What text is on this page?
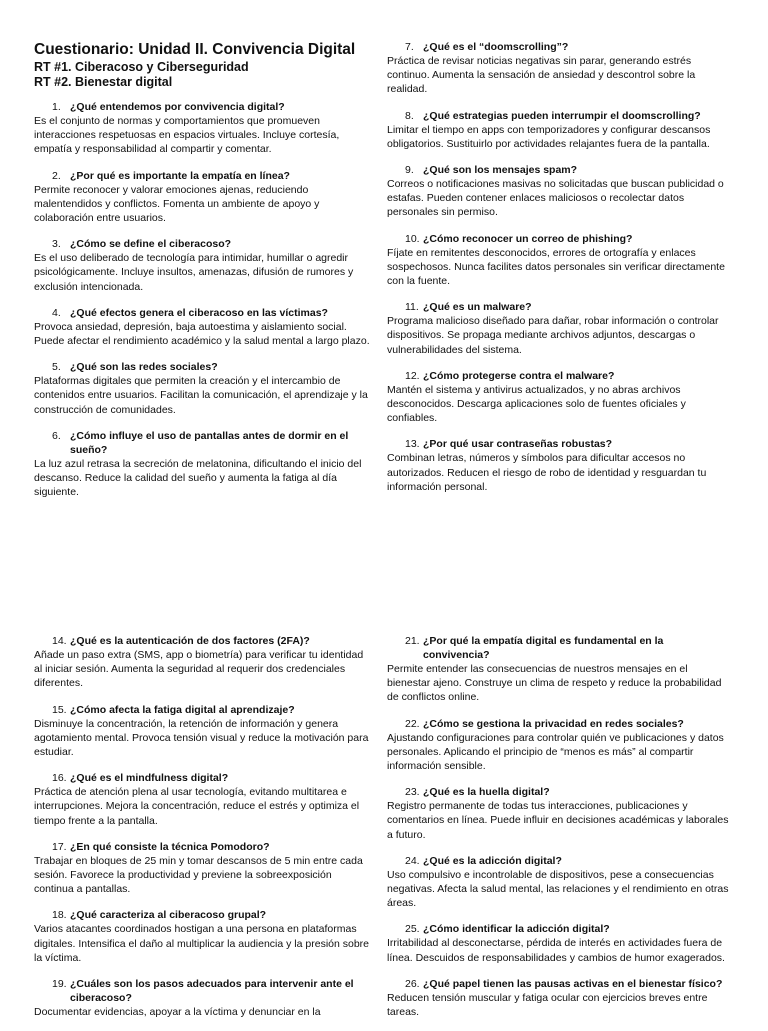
Cuestionario: Unidad II. Convivencia Digital
RT #1. Ciberacoso y Ciberseguridad
RT #2. Bienestar digital
1. ¿Qué entendemos por convivencia digital?

Es el conjunto de normas y comportamientos que promueven interacciones respetuosas en espacios virtuales. Incluye cortesía, empatía y responsabilidad al compartir y comentar.

2. ¿Por qué es importante la empatía en línea?

Permite reconocer y valorar emociones ajenas, reduciendo malentendidos y conflictos. Fomenta un ambiente de apoyo y colaboración entre usuarios.

3. ¿Cómo se define el ciberacoso?

Es el uso deliberado de tecnología para intimidar, humillar o agredir psicológicamente. Incluye insultos, amenazas, difusión de rumores y exclusión intencionada.

4. ¿Qué efectos genera el ciberacoso en las víctimas?

Provoca ansiedad, depresión, baja autoestima y aislamiento social. Puede afectar el rendimiento académico y la salud mental a largo plazo.

5. ¿Qué son las redes sociales?

Plataformas digitales que permiten la creación y el intercambio de contenidos entre usuarios. Facilitan la comunicación, el aprendizaje y la construcción de comunidades.

6. ¿Cómo influye el uso de pantallas antes de dormir en el sueño?

La luz azul retrasa la secreción de melatonina, dificultando el inicio del descanso. Reduce la calidad del sueño y aumenta la fatiga al día siguiente.

7. ¿Qué es el “doomscrolling”?

Práctica de revisar noticias negativas sin parar, generando estrés continuo. Aumenta la sensación de ansiedad y descontrol sobre la realidad.

8. ¿Qué estrategias pueden interrumpir el doomscrolling?

Limitar el tiempo en apps con temporizadores y configurar descansos obligatorios. Sustituirlo por actividades relajantes fuera de la pantalla.

9. ¿Qué son los mensajes spam?

Correos o notificaciones masivas no solicitadas que buscan publicidad o estafas. Pueden contener enlaces maliciosos o recolectar datos personales sin permiso.

10. ¿Cómo reconocer un correo de phishing?

Fíjate en remitentes desconocidos, errores de ortografía y enlaces sospechosos. Nunca facilites datos personales sin verificar directamente con la fuente.

11. ¿Qué es un malware?

Programa malicioso diseñado para dañar, robar información o controlar dispositivos. Se propaga mediante archivos adjuntos, descargas o vulnerabilidades del sistema.

12. ¿Cómo protegerse contra el malware?

Mantén el sistema y antivirus actualizados, y no abras archivos desconocidos. Descarga aplicaciones solo de fuentes oficiales y confiables.

13. ¿Por qué usar contraseñas robustas?

Combinan letras, números y símbolos para dificultar accesos no autorizados. Reducen el riesgo de robo de identidad y resguardan tu información personal.

14. ¿Qué es la autenticación de dos factores (2FA)?

Añade un paso extra (SMS, app o biometría) para verificar tu identidad al iniciar sesión. Aumenta la seguridad al requerir dos credenciales diferentes.

15. ¿Cómo afecta la fatiga digital al aprendizaje?

Disminuye la concentración, la retención de información y genera agotamiento mental. Provoca tensión visual y reduce la motivación para estudiar.

16. ¿Qué es el mindfulness digital?

Práctica de atención plena al usar tecnología, evitando multitarea e interrupciones. Mejora la concentración, reduce el estrés y optimiza el tiempo frente a la pantalla.

17. ¿En qué consiste la técnica Pomodoro?

Trabajar en bloques de 25 min y tomar descansos de 5 min entre cada sesión. Favorece la productividad y previene la sobreexposición continua a pantallas.

18. ¿Qué caracteriza al ciberacoso grupal?

Varios atacantes coordinados hostigan a una persona en plataformas digitales. Intensifica el daño al multiplicar la audiencia y la presión sobre la víctima.

19. ¿Cuáles son los pasos adecuados para intervenir ante el ciberacoso?

Documentar evidencias, apoyar a la víctima y denunciar en la

21. ¿Por qué la empatía digital es fundamental en la convivencia?

Permite entender las consecuencias de nuestros mensajes en el bienestar ajeno. Construye un clima de respeto y reduce la probabilidad de conflictos online.

22. ¿Cómo se gestiona la privacidad en redes sociales?

Ajustando configuraciones para controlar quién ve publicaciones y datos personales. Aplicando el principio de “menos es más” al compartir información sensible.

23. ¿Qué es la huella digital?

Registro permanente de todas tus interacciones, publicaciones y comentarios en línea. Puede influir en decisiones académicas y laborales a futuro.

24. ¿Qué es la adicción digital?

Uso compulsivo e incontrolable de dispositivos, pese a consecuencias negativas. Afecta la salud mental, las relaciones y el rendimiento en otras áreas.

25. ¿Cómo identificar la adicción digital?

Irritabilidad al desconectarse, pérdida de interés en actividades fuera de línea. Descuidos de responsabilidades y cambios de humor exagerados.

26. ¿Qué papel tienen las pausas activas en el bienestar físico?

Reducen tensión muscular y fatiga ocular con ejercicios breves entre tareas.
